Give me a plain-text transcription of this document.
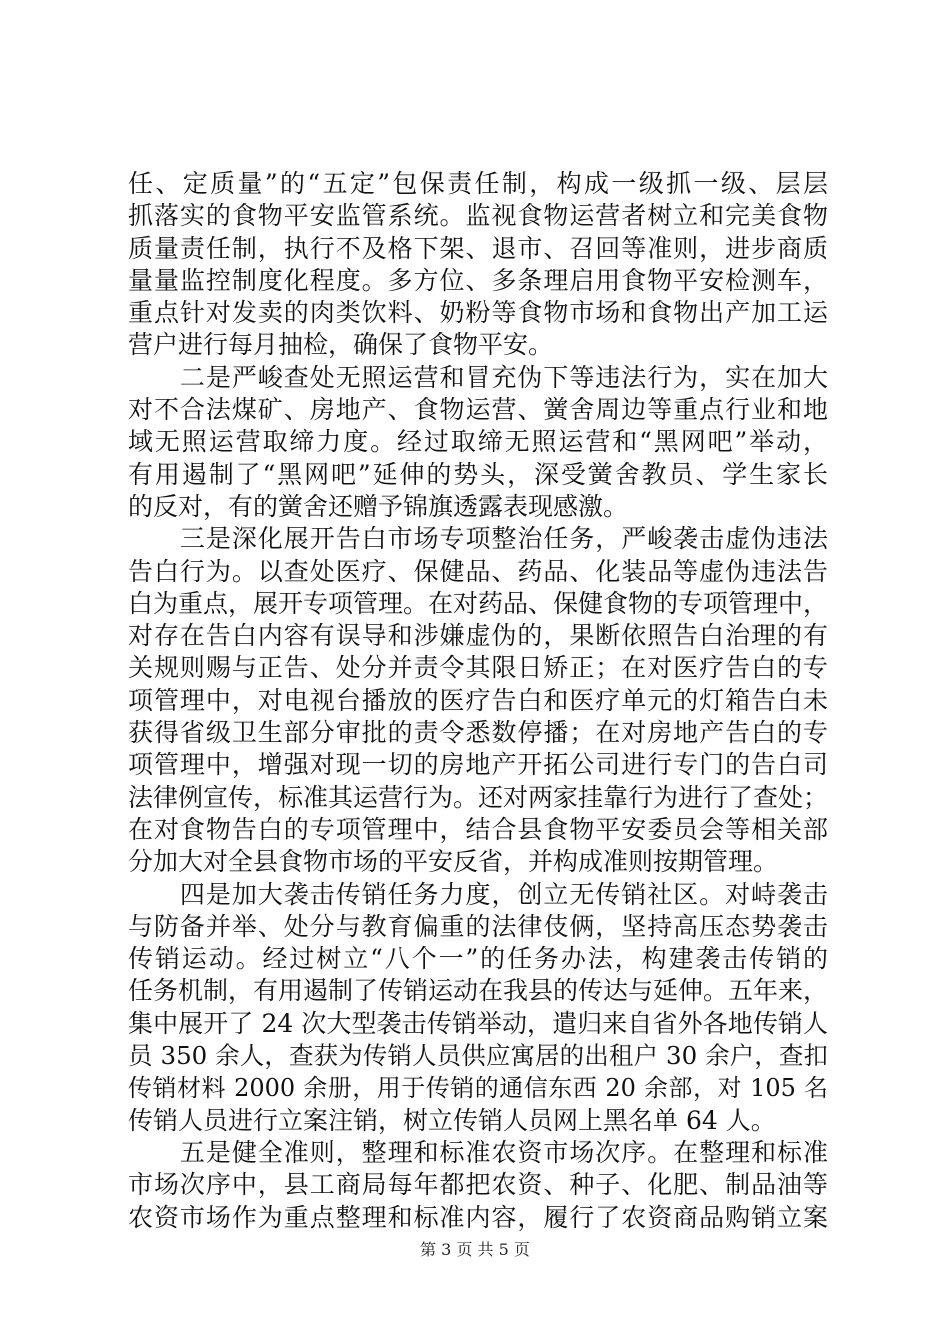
任、定质量”的“五定”包保责任制，构成一级抓一级、层层
抓落实的食物平安监管系统。监视食物运营者树立和完美食物
质量责任制，执行不及格下架、退市、召回等准则，进步商质
量量监控制度化程度。多方位、多条理启用食物平安检测车，
重点针对发卖的肉类饮料、奶粉等食物市场和食物出产加工运
营户进行每月抽检，确保了食物平安。
　　二是严峻查处无照运营和冒充伪下等违法行为，实在加大
对不合法煤矿、房地产、食物运营、黉舍周边等重点行业和地
域无照运营取缔力度。经过取缔无照运营和“黑网吧”举动，
有用遏制了“黑网吧”延伸的势头，深受黉舍教员、学生家长
的反对，有的黉舍还赠予锦旗透露表现感激。
　　三是深化展开告白市场专项整治任务，严峻袭击虚伪违法
告白行为。以查处医疗、保健品、药品、化装品等虚伪违法告
白为重点，展开专项管理。在对药品、保健食物的专项管理中，
对存在告白内容有误导和涉嫌虚伪的，果断依照告白治理的有
关规则赐与正告、处分并责令其限日矫正；在对医疗告白的专
项管理中，对电视台播放的医疗告白和医疗单元的灯箱告白未
获得省级卫生部分审批的责令悉数停播；在对房地产告白的专
项管理中，增强对现一切的房地产开拓公司进行专门的告白司
法律例宣传，标准其运营行为。还对两家挂靠行为进行了查处；
在对食物告白的专项管理中，结合县食物平安委员会等相关部
分加大对全县食物市场的平安反省，并构成准则按期管理。
　　四是加大袭击传销任务力度，创立无传销社区。对峙袭击
与防备并举、处分与教育偏重的法律伎俩，坚持高压态势袭击
传销运动。经过树立“八个一”的任务办法，构建袭击传销的
任务机制，有用遏制了传销运动在我县的传达与延伸。五年来，
集中展开了 24 次大型袭击传销举动，遣归来自省外各地传销人
员 350 余人，查获为传销人员供应寓居的出租户 30 余户，查扣
传销材料 2000 余册，用于传销的通信东西 20 余部，对 105 名
传销人员进行立案注销，树立传销人员网上黑名单 64 人。
　　五是健全准则，整理和标准农资市场次序。在整理和标准
市场次序中，县工商局每年都把农资、种子、化肥、制品油等
农资市场作为重点整理和标准内容，履行了农资商品购销立案
第 3 页 共 5 页
